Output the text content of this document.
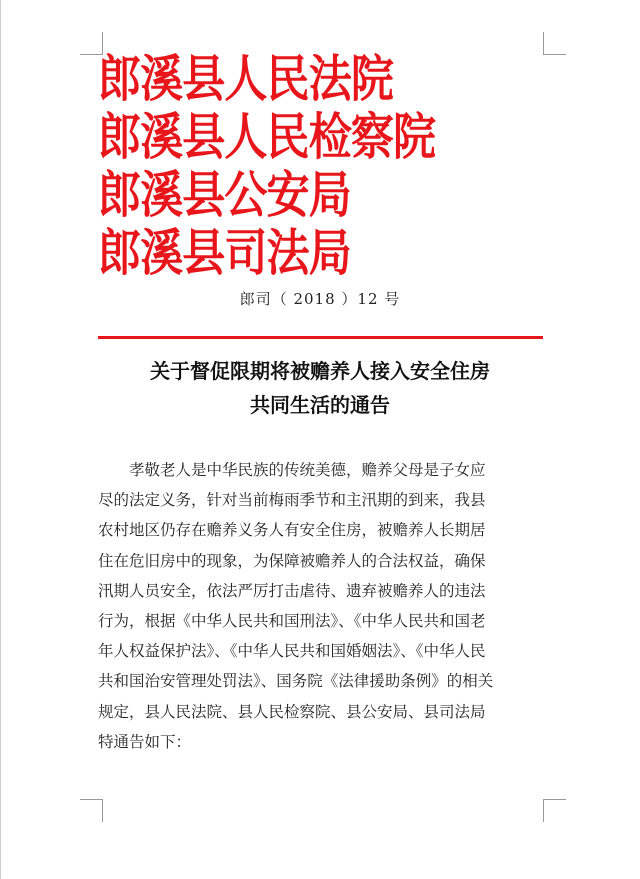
郎溪县人民法院
郎溪县人民检察院
郎溪县公安局
郎溪县司法局
郎司（ 2018 ）12 号
关于督促限期将被赡养人接入安全住房
共同生活的通告

　　孝敬老人是中华民族的传统美德，赡养父母是子女应

尽的法定义务，针对当前梅雨季节和主汛期的到来，我县

农村地区仍存在赡养义务人有安全住房，被赡养人长期居

住在危旧房中的现象，为保障被赡养人的合法权益，确保

汛期人员安全，依法严厉打击虐待、遗弃被赡养人的违法

行为，根据《中华人民共和国刑法》、《中华人民共和国老

年人权益保护法》、《中华人民共和国婚姻法》、《中华人民

共和国治安管理处罚法》、国务院《法律援助条例》的相关

规定，县人民法院、县人民检察院、县公安局、县司法局

特通告如下：
